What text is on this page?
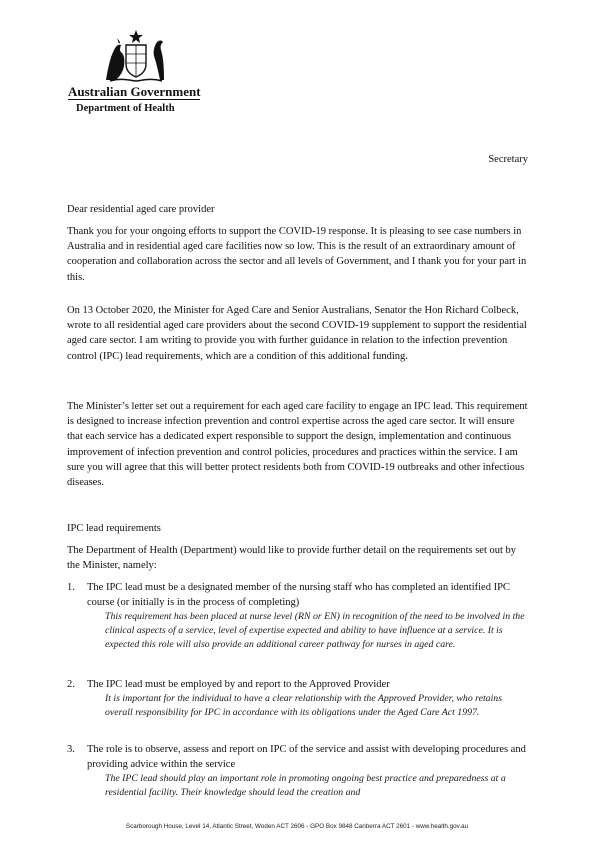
Australian Government
Department of Health
Secretary
Dear residential aged care provider

Thank you for your ongoing efforts to support the COVID-19 response. It is pleasing to see case numbers in Australia and in residential aged care facilities now so low. This is the result of an extraordinary amount of cooperation and collaboration across the sector and all levels of Government, and I thank you for your part in this.

On 13 October 2020, the Minister for Aged Care and Senior Australians, Senator the Hon Richard Colbeck, wrote to all residential aged care providers about the second COVID-19 supplement to support the residential aged care sector. I am writing to provide you with further guidance in relation to the infection prevention control (IPC) lead requirements, which are a condition of this additional funding.

The Minister’s letter set out a requirement for each aged care facility to engage an IPC lead. This requirement is designed to increase infection prevention and control expertise across the aged care sector. It will ensure that each service has a dedicated expert responsible to support the design, implementation and continuous improvement of infection prevention and control policies, procedures and practices within the service. I am sure you will agree that this will better protect residents both from COVID-19 outbreaks and other infectious diseases.

IPC lead requirements

The Department of Health (Department) would like to provide further detail on the requirements set out by the Minister, namely:

1.	The IPC lead must be a designated member of the nursing staff who has completed an identified IPC course (or initially is in the process of completing)
This requirement has been placed at nurse level (RN or EN) in recognition of the need to be involved in the clinical aspects of a service, level of expertise expected and ability to have influence at a service. It is expected this role will also provide an additional career pathway for nurses in aged care.
2.	The IPC lead must be employed by and report to the Approved Provider
It is important for the individual to have a clear relationship with the Approved Provider, who retains overall responsibility for IPC in accordance with its obligations under the Aged Care Act 1997.
3.	The role is to observe, assess and report on IPC of the service and assist with developing procedures and providing advice within the service
The IPC lead should play an important role in promoting ongoing best practice and preparedness at a residential facility. Their knowledge should lead the creation and
Scarborough House, Level 14, Atlantic Street, Woden ACT 2606 - GPO Box 9848 Canberra ACT 2601 - www.health.gov.au
